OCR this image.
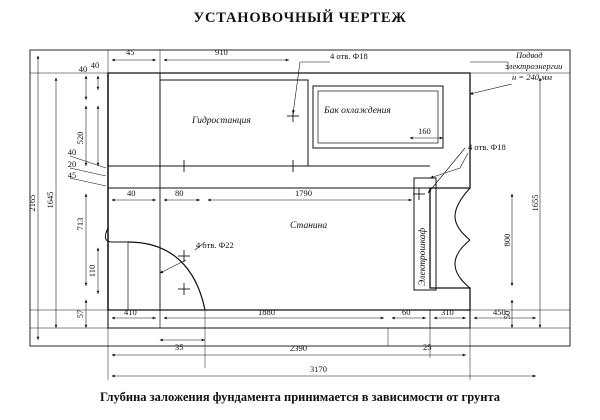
УСТАНОВОЧНЫЙ ЧЕРТЕЖ
Гидростанция
Бак охлаждения
Станина
Электрошкаф
Подвод
электроэнергии
н = 240 мм
4 отв. Ф18
4 отв. Ф18
4 отв. Ф22
45	910
2165 1645
40
40
520
40
20
45
713
110
57
40	80	1790
160
1655
800
50
410	1880	60	310	450
35	25
2390
3170
Глубина заложения фундамента принимается в зависимости от грунта
